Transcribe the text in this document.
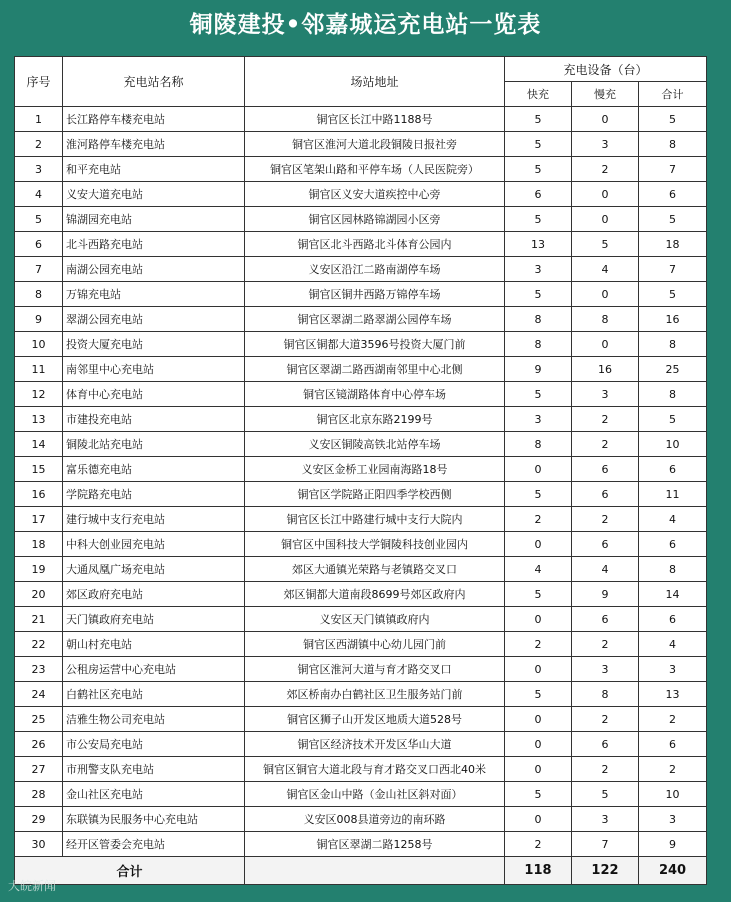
铜陵建投•邻嘉城运充电站一览表
序号	充电站名称	场站地址	充电设备（台）		
			快充	慢充	合计
1	长江路停车楼充电站	铜官区长江中路1188号	5	0	5
2	淮河路停车楼充电站	铜官区淮河大道北段铜陵日报社旁	5	3	8
3	和平充电站	铜官区笔架山路和平停车场（人民医院旁）	5	2	7
4	义安大道充电站	铜官区义安大道疾控中心旁	6	0	6
5	锦湖园充电站	铜官区园林路锦湖园小区旁	5	0	5
6	北斗西路充电站	铜官区北斗西路北斗体育公园内	13	5	18
7	南湖公园充电站	义安区沿江二路南湖停车场	3	4	7
8	万锦充电站	铜官区铜井西路万锦停车场	5	0	5
9	翠湖公园充电站	铜官区翠湖二路翠湖公园停车场	8	8	16
10	投资大厦充电站	铜官区铜都大道3596号投资大厦门前	8	0	8
11	南邻里中心充电站	铜官区翠湖二路西湖南邻里中心北侧	9	16	25
12	体育中心充电站	铜官区镜湖路体育中心停车场	5	3	8
13	市建投充电站	铜官区北京东路2199号	3	2	5
14	铜陵北站充电站	义安区铜陵高铁北站停车场	8	2	10
15	富乐德充电站	义安区金桥工业园南海路18号	0	6	6
16	学院路充电站	铜官区学院路正阳四季学校西侧	5	6	11
17	建行城中支行充电站	铜官区长江中路建行城中支行大院内	2	2	4
18	中科大创业园充电站	铜官区中国科技大学铜陵科技创业园内	0	6	6
19	大通凤凰广场充电站	郊区大通镇光荣路与老镇路交叉口	4	4	8
20	郊区政府充电站	郊区铜都大道南段8699号郊区政府内	5	9	14
21	天门镇政府充电站	义安区天门镇镇政府内	0	6	6
22	朝山村充电站	铜官区西湖镇中心幼儿园门前	2	2	4
23	公租房运营中心充电站	铜官区淮河大道与育才路交叉口	0	3	3
24	白鹤社区充电站	郊区桥南办白鹤社区卫生服务站门前	5	8	13
25	洁雅生物公司充电站	铜官区狮子山开发区地质大道528号	0	2	2
26	市公安局充电站	铜官区经济技术开发区华山大道	0	6	6
27	市刑警支队充电站	铜官区铜官大道北段与育才路交叉口西北40米	0	2	2
28	金山社区充电站	铜官区金山中路（金山社区斜对面）	5	5	10
29	东联镇为民服务中心充电站	义安区008县道旁边的南环路	0	3	3
30	经开区管委会充电站	铜官区翠湖二路1258号	2	7	9
合计			118	122	240
大皖新闻
